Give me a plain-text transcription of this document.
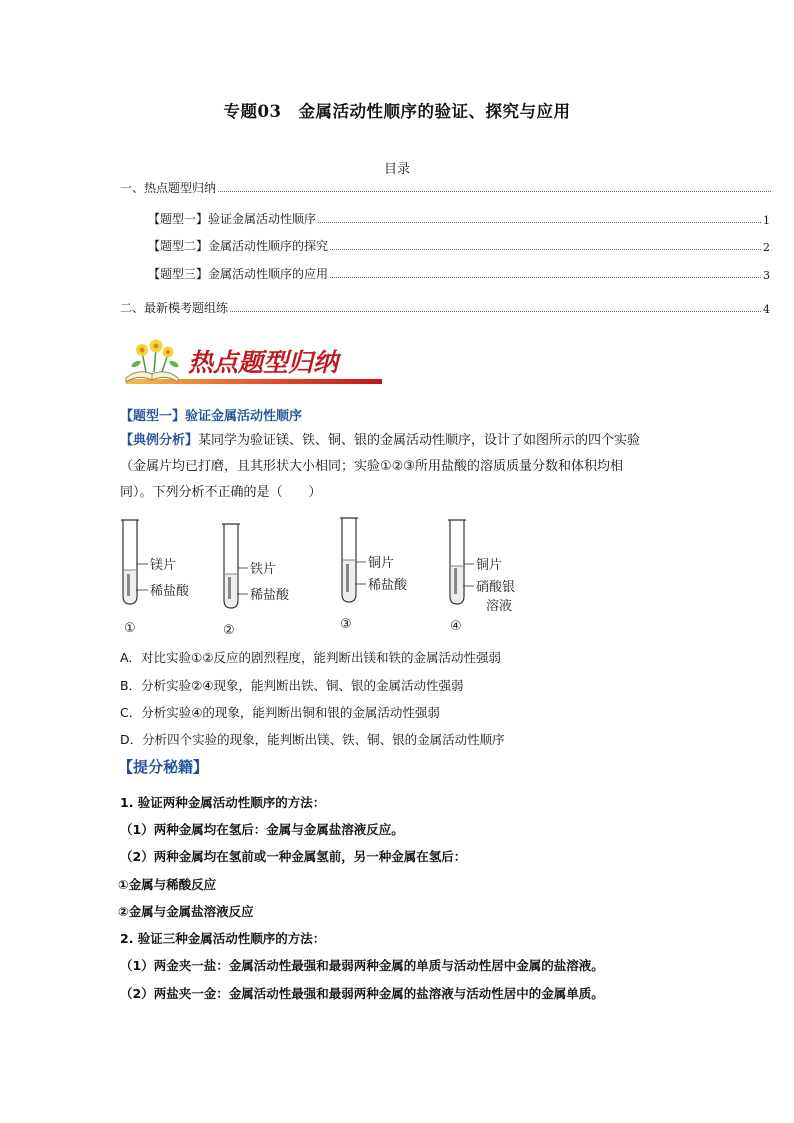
专题03　金属活动性顺序的验证、探究与应用
目录
一、热点题型归纳
【题型一】验证金属活动性顺序	1
【题型二】金属活动性顺序的探究	2
【题型三】金属活动性顺序的应用	3
二、最新模考题组练	4
热点题型归纳
【题型一】验证金属活动性顺序
【典例分析】某同学为验证镁、铁、铜、银的金属活动性顺序，设计了如图所示的四个实验
（金属片均已打磨，且其形状大小相同；实验①②③所用盐酸的溶质质量分数和体积均相
同）。下列分析不正确的是（　　）
镁片
稀盐酸
①
铁片
稀盐酸
②
铜片
稀盐酸
③
铜片
硝酸银
溶液
④
A．对比实验①②反应的剧烈程度，能判断出镁和铁的金属活动性强弱
B．分析实验②④现象，能判断出铁、铜、银的金属活动性强弱
C．分析实验④的现象，能判断出铜和银的金属活动性强弱
D．分析四个实验的现象，能判断出镁、铁、铜、银的金属活动性顺序
【提分秘籍】
1. 验证两种金属活动性顺序的方法：
（1）两种金属均在氢后：金属与金属盐溶液反应。
（2）两种金属均在氢前或一种金属氢前，另一种金属在氢后：
①金属与稀酸反应
②金属与金属盐溶液反应
2. 验证三种金属活动性顺序的方法：
（1）两金夹一盐：金属活动性最强和最弱两种金属的单质与活动性居中金属的盐溶液。
（2）两盐夹一金：金属活动性最强和最弱两种金属的盐溶液与活动性居中的金属单质。
